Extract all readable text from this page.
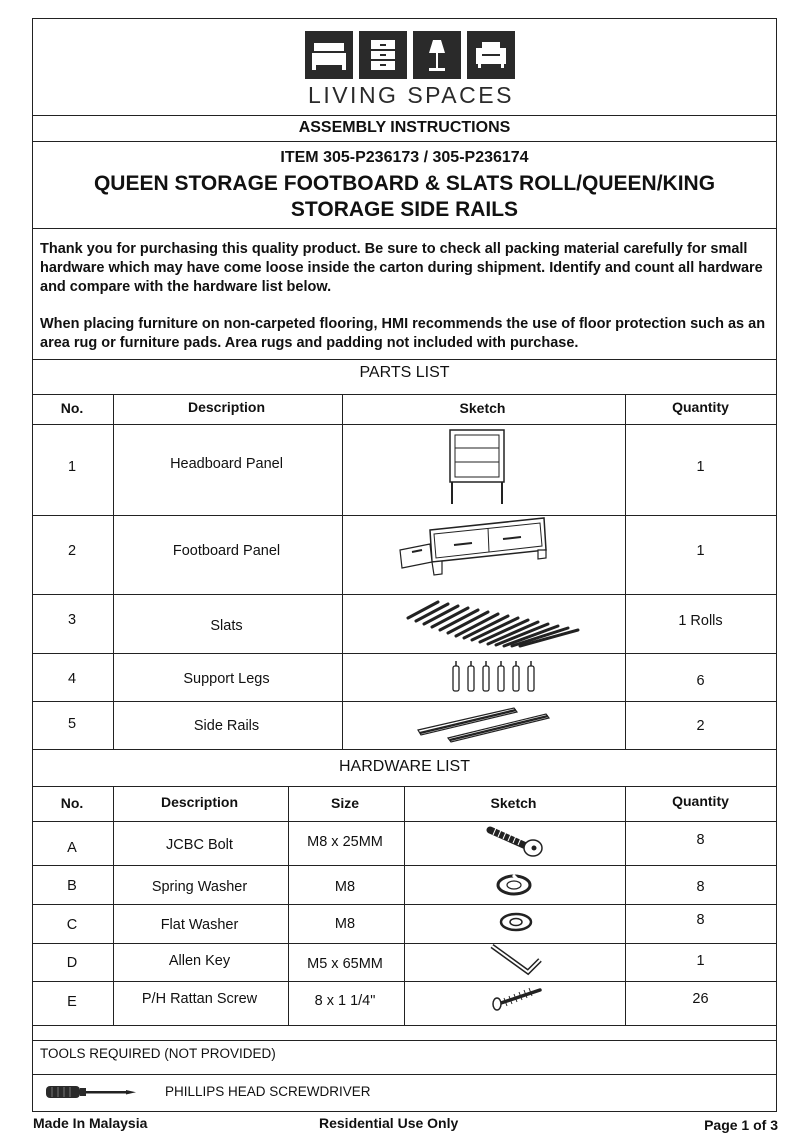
LIVING SPACES
ASSEMBLY INSTRUCTIONS
ITEM 305-P236173 / 305-P236174
QUEEN STORAGE FOOTBOARD & SLATS ROLL/QUEEN/KING
STORAGE SIDE RAILS
Thank you for purchasing this quality product. Be sure to check all packing material carefully for small hardware which may have come loose inside the carton during shipment. Identify and count all hardware and compare with the hardware list below.
When placing furniture on non-carpeted flooring, HMI recommends the use of floor protection such as an area rug or furniture pads. Area rugs and padding not included with purchase.
PARTS LIST
No.	Description	Sketch	Quantity
1	Headboard Panel	1
2	Footboard Panel	1
3	Slats	1 Rolls
4	Support Legs	6
5	Side Rails	2
HARDWARE LIST
No.	Description	Size	Sketch	Quantity
A	JCBC Bolt	M8 x 25MM	8
B	Spring Washer	M8	8
C	Flat Washer	M8	8
D	Allen Key	M5 x 65MM	1
E	P/H Rattan Screw	8 x 1 1/4"	26
TOOLS REQUIRED (NOT PROVIDED)
PHILLIPS HEAD SCREWDRIVER
Made In Malaysia	Residential Use Only	Page 1 of 3
